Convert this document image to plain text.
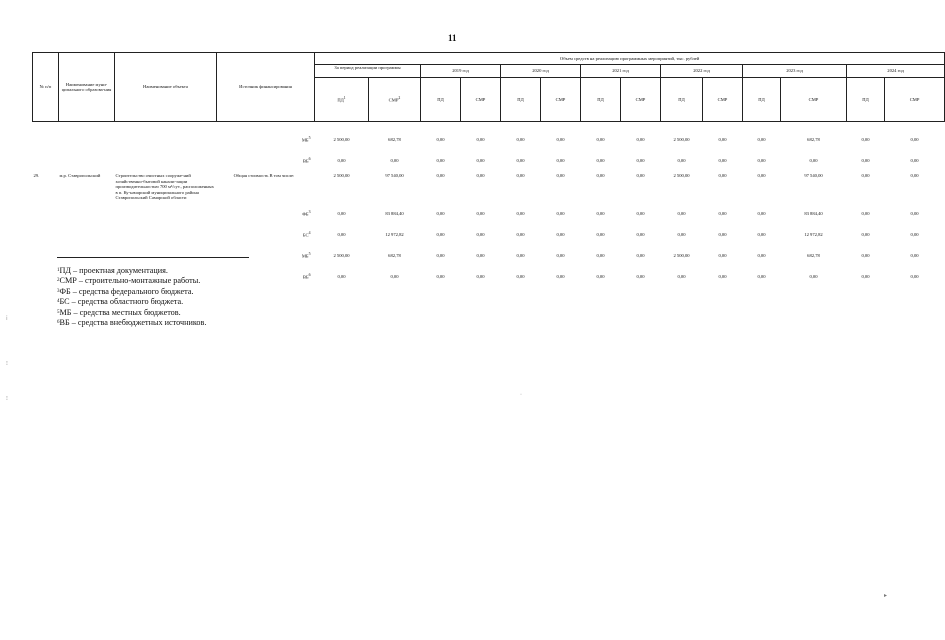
11
№ п/п	Наименование муни-ципального образова-ния	Наименование объекта	Источник финансирования	Объем средств на реализацию программных мероприятий, тыс. рублей													
				За период реализации программы		2019 год		2020 год		2021 год		2022 год		2023 год		2024 год	
				$ПД^1$	СМР$^2$	ПД	СМР	ПД	СМР	ПД	СМР	ПД	СМР	ПД	СМР	ПД	СМР

			$МБ^5$	2 500,00	682,78	0,00	0,00	0,00	0,00	0,00	0,00	2 500,00	0,00	0,00	682,78	0,00	0,00
			$ВБ^6$	0,00	0,00	0,00	0,00	0,00	0,00	0,00	0,00	0,00	0,00	0,00	0,00	0,00	0,00
29.	м.р. Ставропольский	Строительство очистных сооруже-ний хозяйственно-бытовой канали-зации производительностью 700 м³/сут., расположенных в п. Ку-начарский муниципального района Ставропольский Самарской области	Общая стоимость В том числе:	2 500,00	97 540,00	0,00	0,00	0,00	0,00	0,00	0,00	2 500,00	0,00	0,00	97 540,00	0,00	0,00
			$ФБ^3$	0,00	83 884,40	0,00	0,00	0,00	0,00	0,00	0,00	0,00	0,00	0,00	83 884,40	0,00	0,00
			$БС^4$	0,00	12 972,82	0,00	0,00	0,00	0,00	0,00	0,00	0,00	0,00	0,00	12 972,82	0,00	0,00
			$МБ^5$	2 500,00	682,78	0,00	0,00	0,00	0,00	0,00	0,00	2 500,00	0,00	0,00	682,78	0,00	0,00
			$ВБ^6$	0,00	0,00	0,00	0,00	0,00	0,00	0,00	0,00	0,00	0,00	0,00	0,00	0,00	0,00
$^1$ПД – проектная документация.
$^2$СМР – строительно-монтажные работы.
$^3$ФБ – средства федерального бюджета.
$^4$БС – средства областного бюджета.
$^5$МБ – средства местных бюджетов.
$^6$ВБ – средства внебюджетных источников.
⁞
⁝
⁝
·
▸
